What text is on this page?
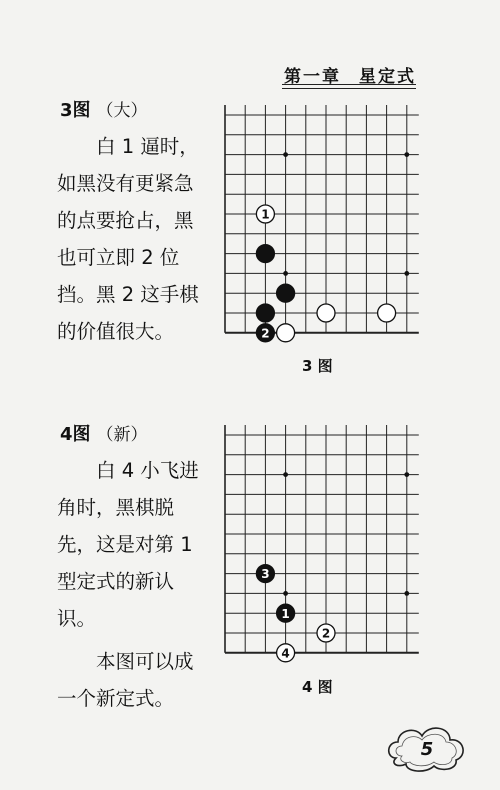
第一章 星定式
3图 （大）

白 1 逼时，如黑没有更紧急的点要抢占，黑也可立即 2 位挡。黑 2 这手棋的价值很大。

1
2
3 图
4图 （新）

白 4 小飞进角时，黑棋脱先，这是对第 1 型定式的新认识。

本图可以成一个新定式。

3
1
2
4
4 图
5
